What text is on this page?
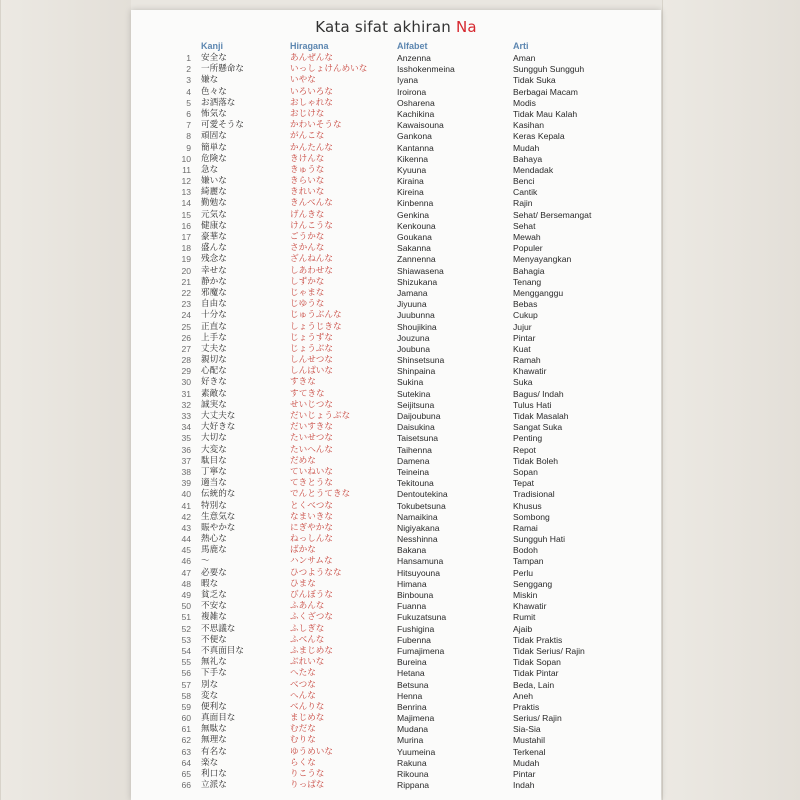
Kata sifat akhiran Na
Kanji	Hiragana	Alfabet	Arti
1 安全な	あんぜんな	Anzenna	Aman
2 一所懸命な	いっしょけんめいな	Isshokenmeina	Sungguh Sungguh
3 嫌な	いやな	Iyana	Tidak Suka
4 色々な	いろいろな	Iroirona	Berbagai Macam
5 お洒落な	おしゃれな	Osharena	Modis
6 怖気な	おじけな	Kachikina	Tidak Mau Kalah
7 可愛そうな	かわいそうな	Kawaisouna	Kasihan
8 頑固な	がんこな	Gankona	Keras Kepala
9 簡単な	かんたんな	Kantanna	Mudah
10 危険な	きけんな	Kikenna	Bahaya
11 急な	きゅうな	Kyuuna	Mendadak
12 嫌いな	きらいな	Kiraina	Benci
13 綺麗な	きれいな	Kireina	Cantik
14 勤勉な	きんべんな	Kinbenna	Rajin
15 元気な	げんきな	Genkina	Sehat/ Bersemangat
16 健康な	けんこうな	Kenkouna	Sehat
17 豪華な	ごうかな	Goukana	Mewah
18 盛んな	さかんな	Sakanna	Populer
19 残念な	ざんねんな	Zannenna	Menyayangkan
20 幸せな	しあわせな	Shiawasena	Bahagia
21 静かな	しずかな	Shizukana	Tenang
22 邪魔な	じゃまな	Jamana	Mengganggu
23 自由な	じゆうな	Jiyuuna	Bebas
24 十分な	じゅうぶんな	Juubunna	Cukup
25 正直な	しょうじきな	Shoujikina	Jujur
26 上手な	じょうずな	Jouzuna	Pintar
27 丈夫な	じょうぶな	Joubuna	Kuat
28 親切な	しんせつな	Shinsetsuna	Ramah
29 心配な	しんぱいな	Shinpaina	Khawatir
30 好きな	すきな	Sukina	Suka
31 素敵な	すてきな	Sutekina	Bagus/ Indah
32 誠実な	せいじつな	Seijitsuna	Tulus Hati
33 大丈夫な	だいじょうぶな	Daijoubuna	Tidak Masalah
34 大好きな	だいすきな	Daisukina	Sangat Suka
35 大切な	たいせつな	Taisetsuna	Penting
36 大変な	たいへんな	Taihenna	Repot
37 駄目な	だめな	Damena	Tidak Boleh
38 丁寧な	ていねいな	Teineina	Sopan
39 適当な	てきとうな	Tekitouna	Tepat
40 伝統的な	でんとうてきな	Dentoutekina	Tradisional
41 特別な	とくべつな	Tokubetsuna	Khusus
42 生意気な	なまいきな	Namaikina	Sombong
43 賑やかな	にぎやかな	Nigiyakana	Ramai
44 熱心な	ねっしんな	Nesshinna	Sungguh Hati
45 馬鹿な	ばかな	Bakana	Bodoh
46 ～	ハンサムな	Hansamuna	Tampan
47 必要な	ひつようなな	Hitsuyouna	Perlu
48 暇な	ひまな	Himana	Senggang
49 貧乏な	びんぼうな	Binbouna	Miskin
50 不安な	ふあんな	Fuanna	Khawatir
51 複雑な	ふくざつな	Fukuzatsuna	Rumit
52 不思議な	ふしぎな	Fushigina	Ajaib
53 不便な	ふべんな	Fubenna	Tidak Praktis
54 不真面目な	ふまじめな	Fumajimena	Tidak Serius/ Rajin
55 無礼な	ぶれいな	Bureina	Tidak Sopan
56 下手な	へたな	Hetana	Tidak Pintar
57 別な	べつな	Betsuna	Beda, Lain
58 変な	へんな	Henna	Aneh
59 便利な	べんりな	Benrina	Praktis
60 真面目な	まじめな	Majimena	Serius/ Rajin
61 無駄な	むだな	Mudana	Sia-Sia
62 無理な	むりな	Murina	Mustahil
63 有名な	ゆうめいな	Yuumeina	Terkenal
64 楽な	らくな	Rakuna	Mudah
65 利口な	りこうな	Rikouna	Pintar
66 立派な	りっぱな	Rippana	Indah
